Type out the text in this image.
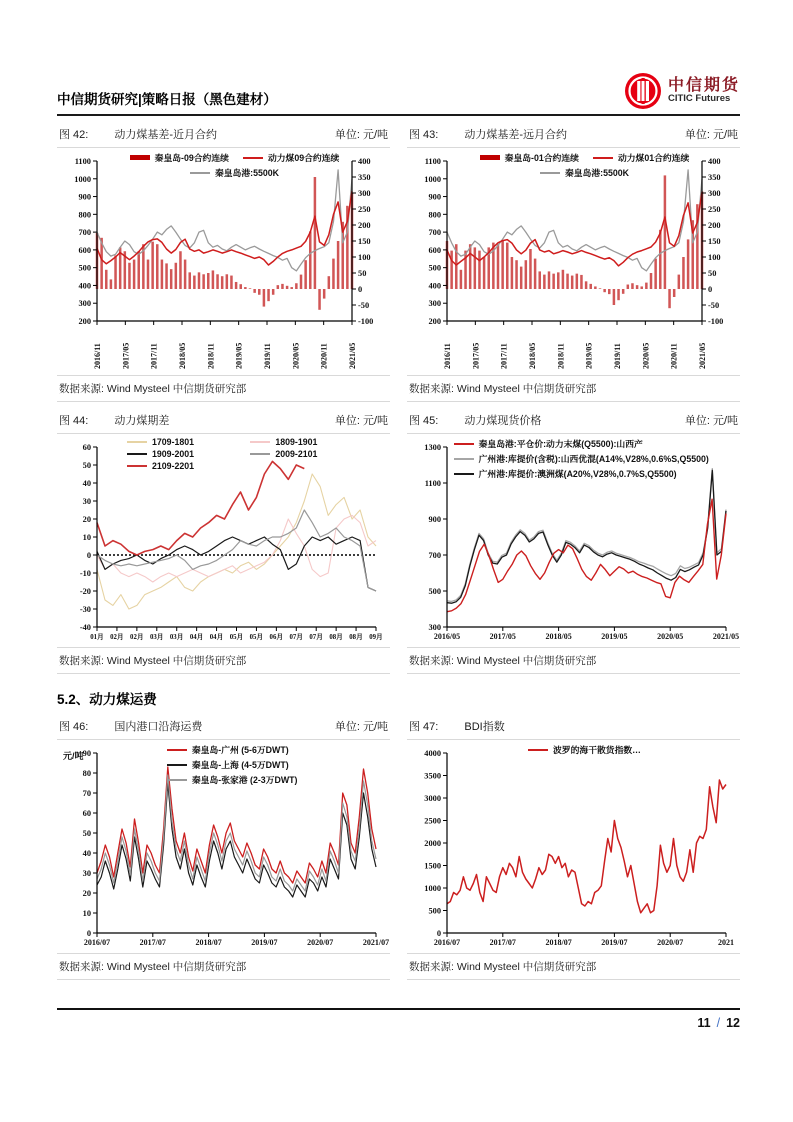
中信期货研究|策略日报（黑色建材）
中信期货
CITIC Futures
图 42: 动力煤基差-近月合约	单位: 元/吨
200
300
400
500
600
700
800
900
1000
1100
-100
-50
0
50
100
150
200
250
300
350
400
2016/11 2017/05 2017/11 2018/05 2018/11 2019/05 2019/11 2020/05 2020/11 2021/05
秦皇岛-09合约连续	动力煤09合约连续
秦皇岛港:5500K
数据来源: Wind Mysteel 中信期货研究部
图 43: 动力煤基差-远月合约	单位: 元/吨
200
300
400
500
600
700
800
900
1000
1100
-100
-50
0
50
100
150
200
250
300
350
400
2016/11 2017/05 2017/11 2018/05 2018/11 2019/05 2019/11 2020/05 2020/11 2021/05
秦皇岛-01合约连续	动力煤01合约连续
秦皇岛港:5500K
数据来源: Wind Mysteel 中信期货研究部
图 44: 动力煤期差	单位: 元/吨
-40
-30
-20
-10
0
10
20
30
40
50
60
01月 02月 02月 03月 03月 04月 04月 05月 05月 06月 07月 07月 08月 08月 09月
1709-1801	1809-1901
1909-2001	2009-2101
2109-2201
数据来源: Wind Mysteel 中信期货研究部
图 45: 动力煤现货价格	单位: 元/吨
300
500
700
900
1100
1300
2016/05	2017/05	2018/05	2019/05	2020/05	2021/05
秦皇岛港:平仓价:动力末煤(Q5500):山西产
广州港:库提价(含税):山西优混(A14%,V28%,0.6%S,Q5500)
广州港:库提价:澳洲煤(A20%,V28%,0.7%S,Q5500)
数据来源: Wind Mysteel 中信期货研究部
5.2、动力煤运费
图 46: 国内港口沿海运费	单位: 元/吨
0
10
20
30
40
50
60
70
80
90
2016/07	2017/07	2018/07	2019/07	2020/07	2021/07
秦皇岛-广州 (5-6万DWT)
秦皇岛-上海 (4-5万DWT)
秦皇岛-张家港 (2-3万DWT)
元/吨
数据来源: Wind Mysteel 中信期货研究部
图 47: BDI指数
0
500
1000
1500
2000
2500
3000
3500
4000
2016/07	2017/07	2018/07	2019/07	2020/07	2021
波罗的海干散货指数…
数据来源: Wind Mysteel 中信期货研究部
11 / 12
